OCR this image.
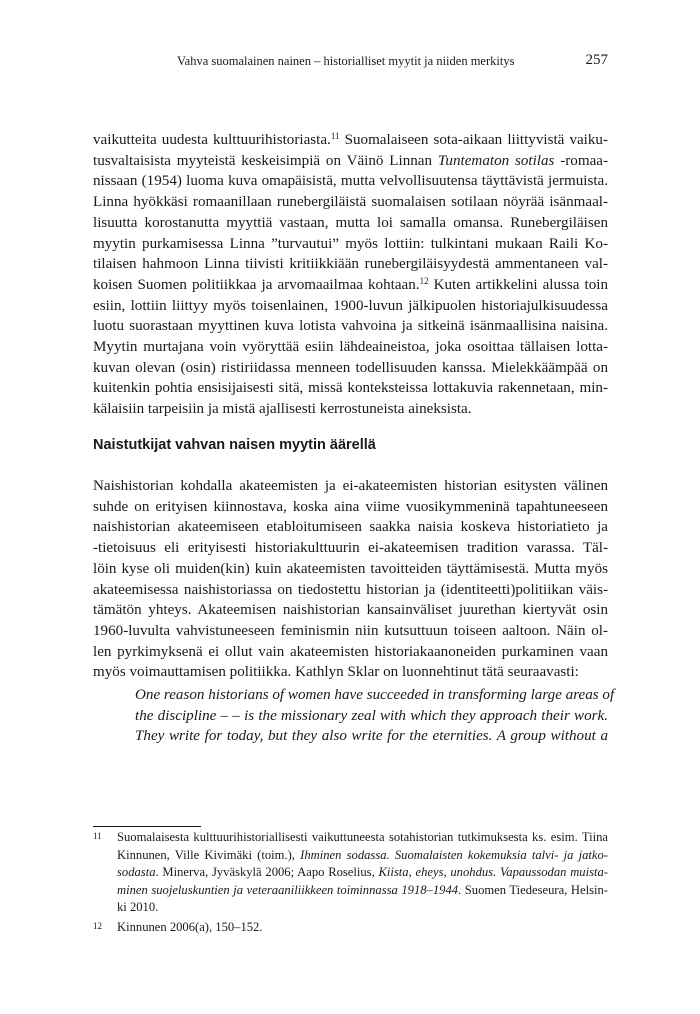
Vahva suomalainen nainen – historialliset myytit ja niiden merkitys	257

vaikutteita uudesta kulttuurihistoriasta.$^{11}$ Suomalaiseen sota-aikaan liittyvistä vaiku-
tusvaltaisista myyteistä keskeisimpiä on Väinö Linnan Tuntematon sotilas -romaa-
nissaan (1954) luoma kuva omapäisistä, mutta velvollisuutensa täyttävistä jermuista.
Linna hyökkäsi romaanillaan runebergiläistä suomalaisen sotilaan nöyrää isänmaal-
lisuutta korostanutta myyttiä vastaan, mutta loi samalla omansa. Runebergiläisen
myytin purkamisessa Linna ”turvautui” myös lottiin: tulkintani mukaan Raili Ko-
tilaisen hahmoon Linna tiivisti kritiikkiään runebergiläisyydestä ammentaneen val-
koisen Suomen politiikkaa ja arvomaailmaa kohtaan.$^{12}$ Kuten artikkelini alussa toin
esiin, lottiin liittyy myös toisenlainen, 1900-luvun jälkipuolen historiajulkisuudessa
luotu suorastaan myyttinen kuva lotista vahvoina ja sitkeinä isänmaallisina naisina.
Myytin murtajana voin vyöryttää esiin lähdeaineistoa, joka osoittaa tällaisen lotta-
kuvan olevan (osin) ristiriidassa menneen todellisuuden kanssa. Mielekkäämpää on
kuitenkin pohtia ensisijaisesti sitä, missä konteksteissa lottakuvia rakennetaan, min-
kälaisiin tarpeisiin ja mistä ajallisesti kerrostuneista aineksista.

Naistutkijat vahvan naisen myytin äärellä

Naishistorian kohdalla akateemisten ja ei-akateemisten historian esitysten välinen
suhde on erityisen kiinnostava, koska aina viime vuosikymmeninä tapahtuneeseen
naishistorian akateemiseen etabloitumiseen saakka naisia koskeva historiatieto ja
-tietoisuus eli erityisesti historiakulttuurin ei-akateemisen tradition varassa. Täl-
löin kyse oli muiden(kin) kuin akateemisten tavoitteiden täyttämisestä. Mutta myös
akateemisessa naishistoriassa on tiedostettu historian ja (identiteetti)politiikan väis-
tämätön yhteys. Akateemisen naishistorian kansainväliset juurethan kiertyvät osin
1960-luvulta vahvistuneeseen feminismin niin kutsuttuun toiseen aaltoon. Näin ol-
len pyrkimyksenä ei ollut vain akateemisten historiakaanoneiden purkaminen vaan
myös voimauttamisen politiikka. Kathlyn Sklar on luonnehtinut tätä seuraavasti:

One reason historians of women have succeeded in transforming large areas of
the discipline – – is the missionary zeal with which they approach their work.
They write for today, but they also write for the eternities. A group without a
11 Suomalaisesta kulttuurihistoriallisesti vaikuttuneesta sotahistorian tutkimuksesta ks. esim. Tiina
Kinnunen, Ville Kivimäki (toim.), Ihminen sodassa. Suomalaisten kokemuksia talvi- ja jatko-
sodasta. Minerva, Jyväskylä 2006; Aapo Roselius, Kiista, eheys, unohdus. Vapaussodan muista-
minen suojeluskuntien ja veteraaniliikkeen toiminnassa 1918–1944. Suomen Tiedeseura, Helsin-
ki 2010.
12 Kinnunen 2006(a), 150–152.
